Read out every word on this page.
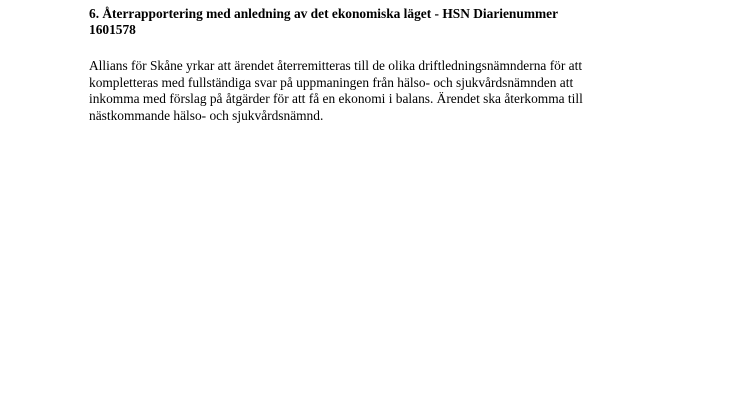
6. Återrapportering med anledning av det ekonomiska läget - HSN Diarienummer
1601578

Allians för Skåne yrkar att ärendet återremitteras till de olika driftledningsnämnderna för att
kompletteras med fullständiga svar på uppmaningen från hälso- och sjukvårdsnämnden att
inkomma med förslag på åtgärder för att få en ekonomi i balans. Ärendet ska återkomma till
nästkommande hälso- och sjukvårdsnämnd.
